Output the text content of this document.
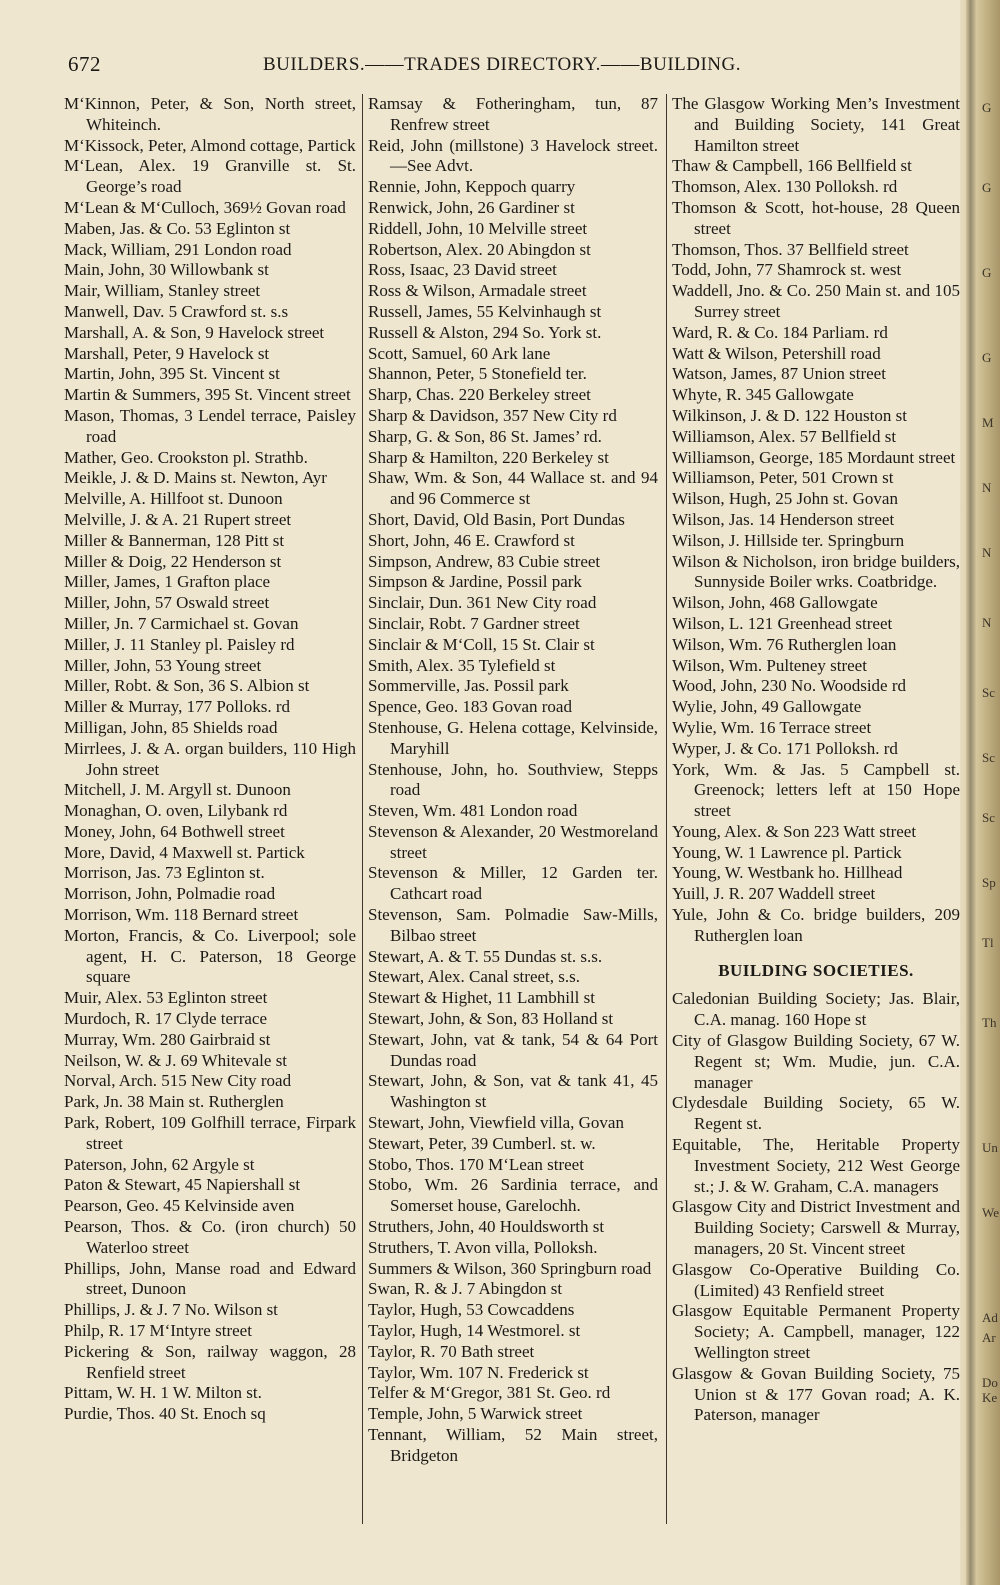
672	BUILDERS.——TRADES DIRECTORY.——BUILDING.

M‘Kinnon, Peter, & Son, North street, Whiteinch.

M‘Kissock, Peter, Almond cottage, Partick

M‘Lean, Alex. 19 Granville st. St. George’s road

M‘Lean & M‘Culloch, 369½ Govan road

Maben, Jas. & Co. 53 Eglinton st

Mack, William, 291 London road

Main, John, 30 Willowbank st

Mair, William, Stanley street

Manwell, Dav. 5 Crawford st. s.s

Marshall, A. & Son, 9 Havelock street

Marshall, Peter, 9 Havelock st

Martin, John, 395 St. Vincent st

Martin & Summers, 395 St. Vincent street

Mason, Thomas, 3 Lendel terrace, Paisley road

Mather, Geo. Crookston pl. Strathb.

Meikle, J. & D. Mains st. Newton, Ayr

Melville, A. Hillfoot st. Dunoon

Melville, J. & A. 21 Rupert street

Miller & Bannerman, 128 Pitt st

Miller & Doig, 22 Henderson st

Miller, James, 1 Grafton place

Miller, John, 57 Oswald street

Miller, Jn. 7 Carmichael st. Govan

Miller, J. 11 Stanley pl. Paisley rd

Miller, John, 53 Young street

Miller, Robt. & Son, 36 S. Albion st

Miller & Murray, 177 Polloks. rd

Milligan, John, 85 Shields road

Mirrlees, J. & A. organ builders, 110 High John street

Mitchell, J. M. Argyll st. Dunoon

Monaghan, O. oven, Lilybank rd

Money, John, 64 Bothwell street

More, David, 4 Maxwell st. Partick

Morrison, Jas. 73 Eglinton st.

Morrison, John, Polmadie road

Morrison, Wm. 118 Bernard street

Morton, Francis, & Co. Liverpool; sole agent, H. C. Paterson, 18 George square

Muir, Alex. 53 Eglinton street

Murdoch, R. 17 Clyde terrace

Murray, Wm. 280 Gairbraid st

Neilson, W. & J. 69 Whitevale st

Norval, Arch. 515 New City road

Park, Jn. 38 Main st. Rutherglen

Park, Robert, 109 Golfhill terrace, Firpark street

Paterson, John, 62 Argyle st

Paton & Stewart, 45 Napiershall st

Pearson, Geo. 45 Kelvinside aven

Pearson, Thos. & Co. (iron church) 50 Waterloo street

Phillips, John, Manse road and Edward street, Dunoon

Phillips, J. & J. 7 No. Wilson st

Philp, R. 17 M‘Intyre street

Pickering & Son, railway waggon, 28 Renfield street

Pittam, W. H. 1 W. Milton st.

Purdie, Thos. 40 St. Enoch sq

Ramsay & Fotheringham, tun, 87 Renfrew street

Reid, John (millstone) 3 Havelock street.—See Advt.

Rennie, John, Keppoch quarry

Renwick, John, 26 Gardiner st

Riddell, John, 10 Melville street

Robertson, Alex. 20 Abingdon st

Ross, Isaac, 23 David street

Ross & Wilson, Armadale street

Russell, James, 55 Kelvinhaugh st

Russell & Alston, 294 So. York st.

Scott, Samuel, 60 Ark lane

Shannon, Peter, 5 Stonefield ter.

Sharp, Chas. 220 Berkeley street

Sharp & Davidson, 357 New City rd

Sharp, G. & Son, 86 St. James’ rd.

Sharp & Hamilton, 220 Berkeley st

Shaw, Wm. & Son, 44 Wallace st. and 94 and 96 Commerce st

Short, David, Old Basin, Port Dundas

Short, John, 46 E. Crawford st

Simpson, Andrew, 83 Cubie street

Simpson & Jardine, Possil park

Sinclair, Dun. 361 New City road

Sinclair, Robt. 7 Gardner street

Sinclair & M‘Coll, 15 St. Clair st

Smith, Alex. 35 Tylefield st

Sommerville, Jas. Possil park

Spence, Geo. 183 Govan road

Stenhouse, G. Helena cottage, Kelvinside, Maryhill

Stenhouse, John, ho. Southview, Stepps road

Steven, Wm. 481 London road

Stevenson & Alexander, 20 Westmoreland street

Stevenson & Miller, 12 Garden ter. Cathcart road

Stevenson, Sam. Polmadie Saw-Mills, Bilbao street

Stewart, A. & T. 55 Dundas st. s.s.

Stewart, Alex. Canal street, s.s.

Stewart & Highet, 11 Lambhill st

Stewart, John, & Son, 83 Holland st

Stewart, John, vat & tank, 54 & 64 Port Dundas road

Stewart, John, & Son, vat & tank 41, 45 Washington st

Stewart, John, Viewfield villa, Govan

Stewart, Peter, 39 Cumberl. st. w.

Stobo, Thos. 170 M‘Lean street

Stobo, Wm. 26 Sardinia terrace, and Somerset house, Garelochh.

Struthers, John, 40 Houldsworth st

Struthers, T. Avon villa, Polloksh.

Summers & Wilson, 360 Springburn road

Swan, R. & J. 7 Abingdon st

Taylor, Hugh, 53 Cowcaddens

Taylor, Hugh, 14 Westmorel. st

Taylor, R. 70 Bath street

Taylor, Wm. 107 N. Frederick st

Telfer & M‘Gregor, 381 St. Geo. rd

Temple, John, 5 Warwick street

Tennant, William, 52 Main street, Bridgeton

The Glasgow Working Men’s Investment and Building Society, 141 Great Hamilton street

Thaw & Campbell, 166 Bellfield st

Thomson, Alex. 130 Polloksh. rd

Thomson & Scott, hot-house, 28 Queen street

Thomson, Thos. 37 Bellfield street

Todd, John, 77 Shamrock st. west

Waddell, Jno. & Co. 250 Main st. and 105 Surrey street

Ward, R. & Co. 184 Parliam. rd

Watt & Wilson, Petershill road

Watson, James, 87 Union street

Whyte, R. 345 Gallowgate

Wilkinson, J. & D. 122 Houston st

Williamson, Alex. 57 Bellfield st

Williamson, George, 185 Mordaunt street

Williamson, Peter, 501 Crown st

Wilson, Hugh, 25 John st. Govan

Wilson, Jas. 14 Henderson street

Wilson, J. Hillside ter. Springburn

Wilson & Nicholson, iron bridge builders, Sunnyside Boiler wrks. Coatbridge.

Wilson, John, 468 Gallowgate

Wilson, L. 121 Greenhead street

Wilson, Wm. 76 Rutherglen loan

Wilson, Wm. Pulteney street

Wood, John, 230 No. Woodside rd

Wylie, John, 49 Gallowgate

Wylie, Wm. 16 Terrace street

Wyper, J. & Co. 171 Polloksh. rd

York, Wm. & Jas. 5 Campbell st. Greenock; letters left at 150 Hope street

Young, Alex. & Son 223 Watt street

Young, W. 1 Lawrence pl. Partick

Young, W. Westbank ho. Hillhead

Yuill, J. R. 207 Waddell street

Yule, John & Co. bridge builders, 209 Rutherglen loan

BUILDING SOCIETIES.

Caledonian Building Society; Jas. Blair, C.A. manag. 160 Hope st

City of Glasgow Building Society, 67 W. Regent st; Wm. Mudie, jun. C.A. manager

Clydesdale Building Society, 65 W. Regent st.

Equitable, The, Heritable Property Investment Society, 212 West George st.; J. & W. Graham, C.A. managers

Glasgow City and District Investment and Building Society; Carswell & Murray, managers, 20 St. Vincent street

Glasgow Co-Operative Building Co. (Limited) 43 Renfield street

Glasgow Equitable Permanent Property Society; A. Campbell, manager, 122 Wellington street

Glasgow & Govan Building Society, 75 Union st & 177 Govan road; A. K. Paterson, manager

G
G
G
G
M
N
N
N
Sc
Sc
Sc
Sp
Tl
Th
Un
We
Ad
Ar
Do
Ke
